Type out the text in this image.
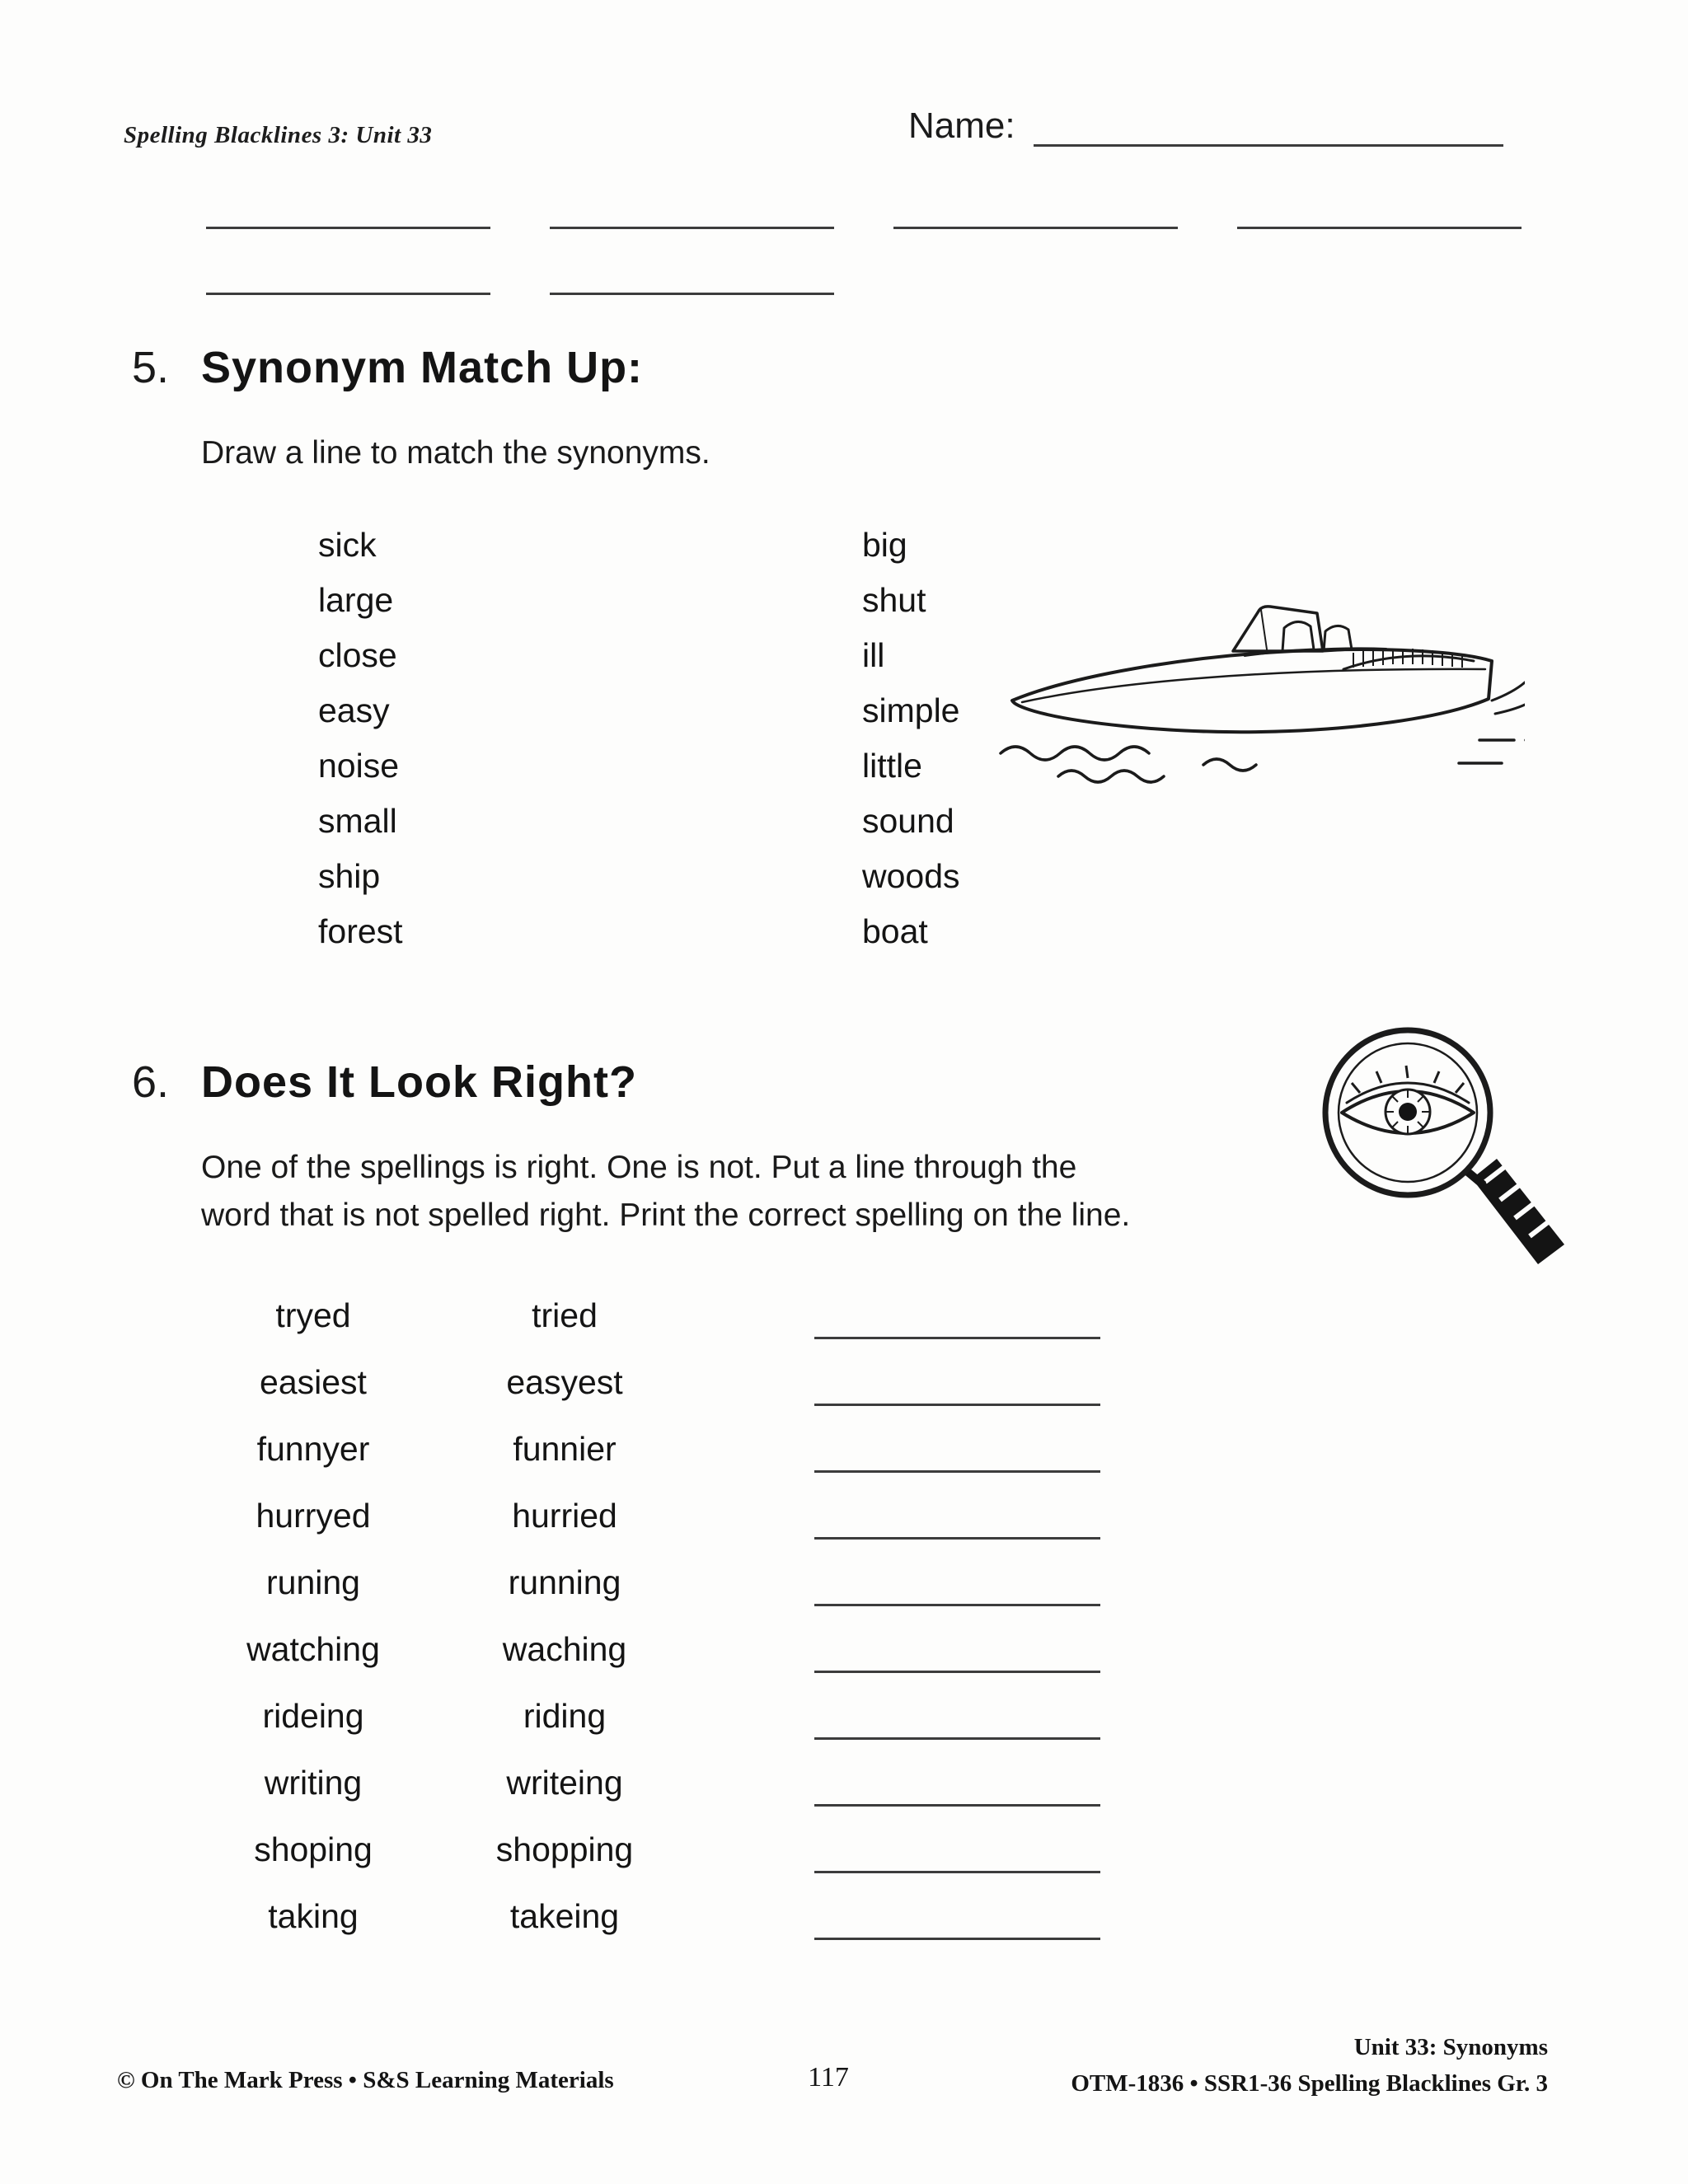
Spelling Blacklines 3: Unit 33	Name:
5. Synonym Match Up:

Draw a line to match the synonyms.

sick
large
close
easy
noise
small
ship
forest
big
shut
ill
simple
little
sound
woods
boat
6. Does It Look Right?

One of the spellings is right. One is not. Put a line through the
word that is not spelled right. Print the correct spelling on the line.

tryed	tried
easiest	easyest
funnyer	funnier
hurryed	hurried
runing	running
watching	waching
rideing	riding
writing	writeing
shoping	shopping
taking	takeing
© On The Mark Press • S&S Learning Materials	117
Unit 33: Synonyms
OTM-1836 • SSR1-36 Spelling Blacklines Gr. 3
